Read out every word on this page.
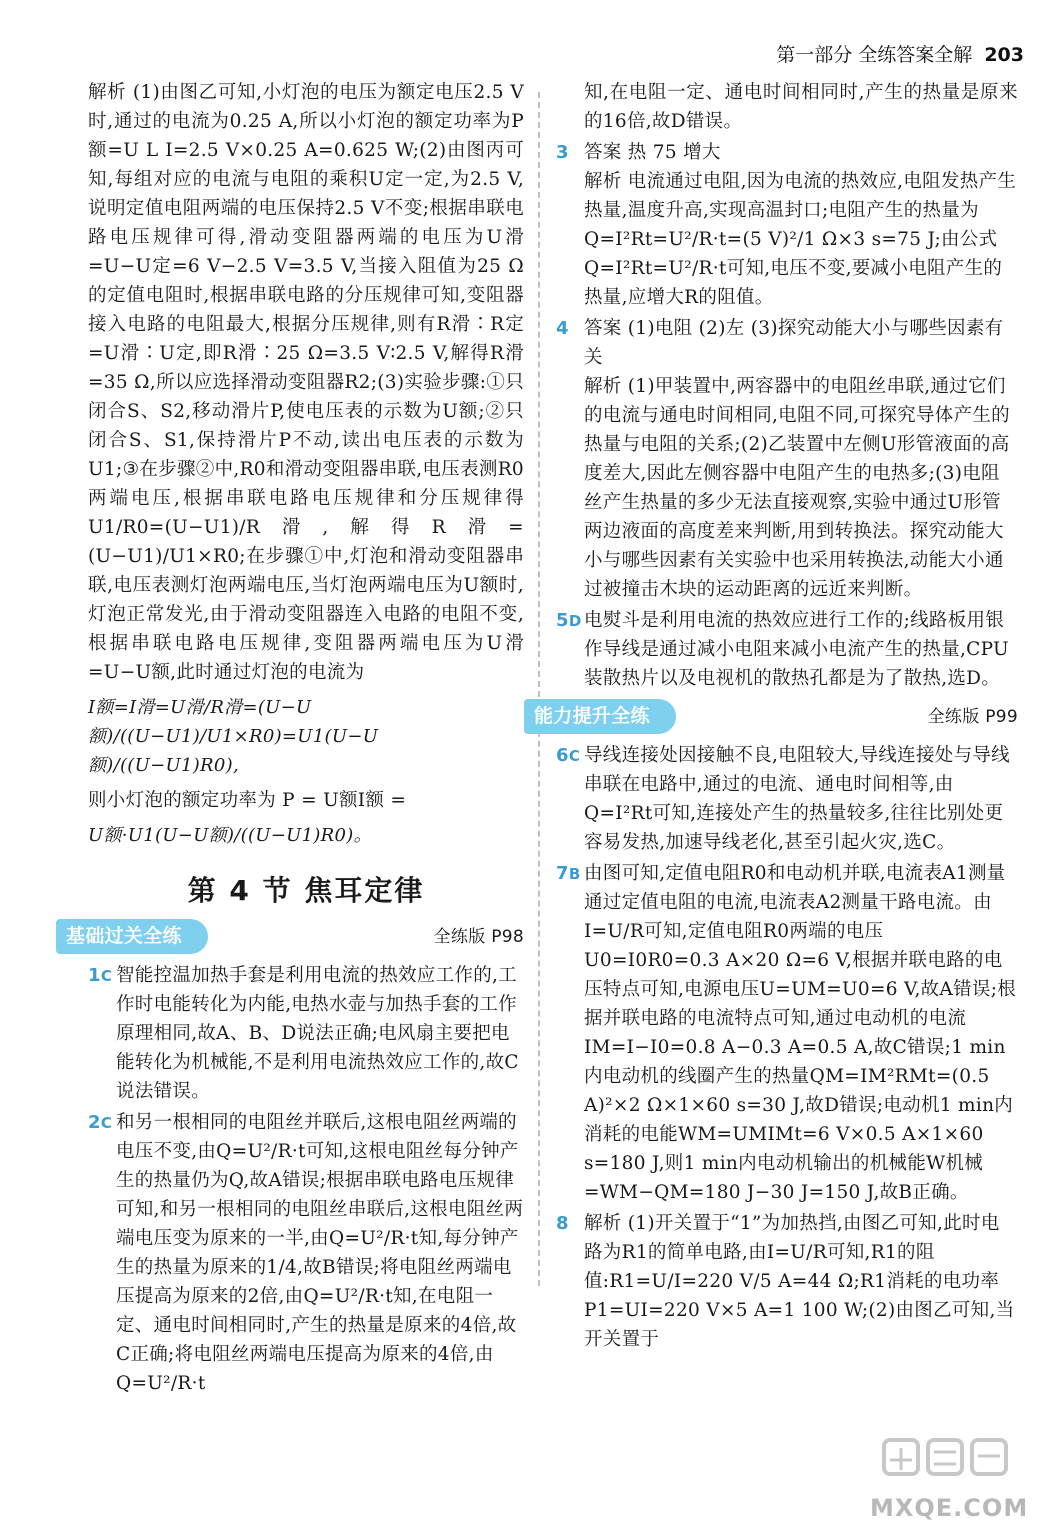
第一部分 全练答案全解 203

解析 (1)由图乙可知,小灯泡的电压为额定电压2.5 V时,通过的电流为0.25 A,所以小灯泡的额定功率为P额=U L I=2.5 V×0.25 A=0.625 W;(2)由图丙可知,每组对应的电流与电阻的乘积U定一定,为2.5 V,说明定值电阻两端的电压保持2.5 V不变;根据串联电路电压规律可得,滑动变阻器两端的电压为U滑=U−U定=6 V−2.5 V=3.5 V,当接入阻值为25 Ω的定值电阻时,根据串联电路的分压规律可知,变阻器接入电路的电阻最大,根据分压规律,则有R滑∶R定=U滑∶U定,即R滑∶25 Ω=3.5 V∶2.5 V,解得R滑=35 Ω,所以应选择滑动变阻器R2;(3)实验步骤:①只闭合S、S2,移动滑片P,使电压表的示数为U额;②只闭合S、S1,保持滑片P不动,读出电压表的示数为U1;③在步骤②中,R0和滑动变阻器串联,电压表测R0两端电压,根据串联电路电压规律和分压规律得U1/R0=(U−U1)/R滑,解得R滑=(U−U1)/U1×R0;在步骤①中,灯泡和滑动变阻器串联,电压表测灯泡两端电压,当灯泡两端电压为U额时,灯泡正常发光,由于滑动变阻器连入电路的电阻不变,根据串联电路电压规律,变阻器两端电压为U滑=U−U额,此时通过灯泡的电流为

I额=I滑=U滑/R滑=(U−U额)/((U−U1)/U1×R0)=U1(U−U额)/((U−U1)R0),

则小灯泡的额定功率为 P = U额I额 =

U额·U1(U−U额)/((U−U1)R0)。
第 4 节 焦耳定律
基础过关全练	全练版 P98
1C 智能控温加热手套是利用电流的热效应工作的,工作时电能转化为内能,电热水壶与加热手套的工作原理相同,故A、B、D说法正确;电风扇主要把电能转化为机械能,不是利用电流热效应工作的,故C说法错误。
2C 和另一根相同的电阻丝并联后,这根电阻丝两端的电压不变,由Q=U²/R·t可知,这根电阻丝每分钟产生的热量仍为Q,故A错误;根据串联电路电压规律可知,和另一根相同的电阻丝串联后,这根电阻丝两端电压变为原来的一半,由Q=U²/R·t知,每分钟产生的热量为原来的1/4,故B错误;将电阻丝两端电压提高为原来的2倍,由Q=U²/R·t知,在电阻一定、通电时间相同时,产生的热量是原来的4倍,故C正确;将电阻丝两端电压提高为原来的4倍,由Q=U²/R·t

知,在电阻一定、通电时间相同时,产生的热量是原来的16倍,故D错误。

3 答案 热 75 增大
解析 电流通过电阻,因为电流的热效应,电阻发热产生热量,温度升高,实现高温封口;电阻产生的热量为Q=I²Rt=U²/R·t=(5 V)²/1 Ω×3 s=75 J;由公式Q=I²Rt=U²/R·t可知,电压不变,要减小电阻产生的热量,应增大R的阻值。
4 答案 (1)电阻 (2)左 (3)探究动能大小与哪些因素有关
解析 (1)甲装置中,两容器中的电阻丝串联,通过它们的电流与通电时间相同,电阻不同,可探究导体产生的热量与电阻的关系;(2)乙装置中左侧U形管液面的高度差大,因此左侧容器中电阻产生的电热多;(3)电阻丝产生热量的多少无法直接观察,实验中通过U形管两边液面的高度差来判断,用到转换法。探究动能大小与哪些因素有关实验中也采用转换法,动能大小通过被撞击木块的运动距离的远近来判断。
5D 电熨斗是利用电流的热效应进行工作的;线路板用银作导线是通过减小电阻来减小电流产生的热量,CPU装散热片以及电视机的散热孔都是为了散热,选D。
能力提升全练	全练版 P99
6C 导线连接处因接触不良,电阻较大,导线连接处与导线串联在电路中,通过的电流、通电时间相等,由Q=I²Rt可知,连接处产生的热量较多,往往比别处更容易发热,加速导线老化,甚至引起火灾,选C。
7B 由图可知,定值电阻R0和电动机并联,电流表A1测量通过定值电阻的电流,电流表A2测量干路电流。由I=U/R可知,定值电阻R0两端的电压U0=I0R0=0.3 A×20 Ω=6 V,根据并联电路的电压特点可知,电源电压U=UM=U0=6 V,故A错误;根据并联电路的电流特点可知,通过电动机的电流IM=I−I0=0.8 A−0.3 A=0.5 A,故C错误;1 min内电动机的线圈产生的热量QM=IM²RMt=(0.5 A)²×2 Ω×1×60 s=30 J,故D错误;电动机1 min内消耗的电能WM=UMIMt=6 V×0.5 A×1×60 s=180 J,则1 min内电动机输出的机械能W机械=WM−QM=180 J−30 J=150 J,故B正确。
8 解析 (1)开关置于“1”为加热挡,由图乙可知,此时电路为R1的简单电路,由I=U/R可知,R1的阻值:R1=U/I=220 V/5 A=44 Ω;R1消耗的电功率P1=UI=220 V×5 A=1 100 W;(2)由图乙可知,当开关置于
MXQE.COM
